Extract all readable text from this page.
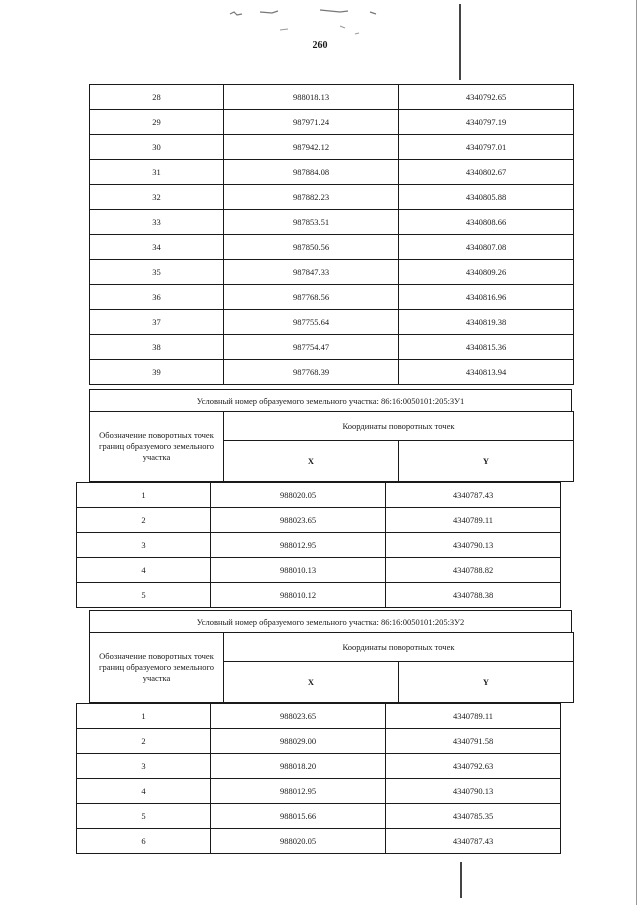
260
28	988018.13	4340792.65
29	987971.24	4340797.19
30	987942.12	4340797.01
31	987884.08	4340802.67
32	987882.23	4340805.88
33	987853.51	4340808.66
34	987850.56	4340807.08
35	987847.33	4340809.26
36	987768.56	4340816.96
37	987755.64	4340819.38
38	987754.47	4340815.36
39	987768.39	4340813.94
Условный номер образуемого земельного участка: 86:16:0050101:205:ЗУ1
Обозначение поворотных точек границ образуемого земельного участка	Координаты поворотных точек	
	X	Y
1	988020.05	4340787.43
2	988023.65	4340789.11
3	988012.95	4340790.13
4	988010.13	4340788.82
5	988010.12	4340788.38
Условный номер образуемого земельного участка: 86:16:0050101:205:ЗУ2
Обозначение поворотных точек границ образуемого земельного участка	Координаты поворотных точек	
	X	Y
1	988023.65	4340789.11
2	988029.00	4340791.58
3	988018.20	4340792.63
4	988012.95	4340790.13
5	988015.66	4340785.35
6	988020.05	4340787.43
